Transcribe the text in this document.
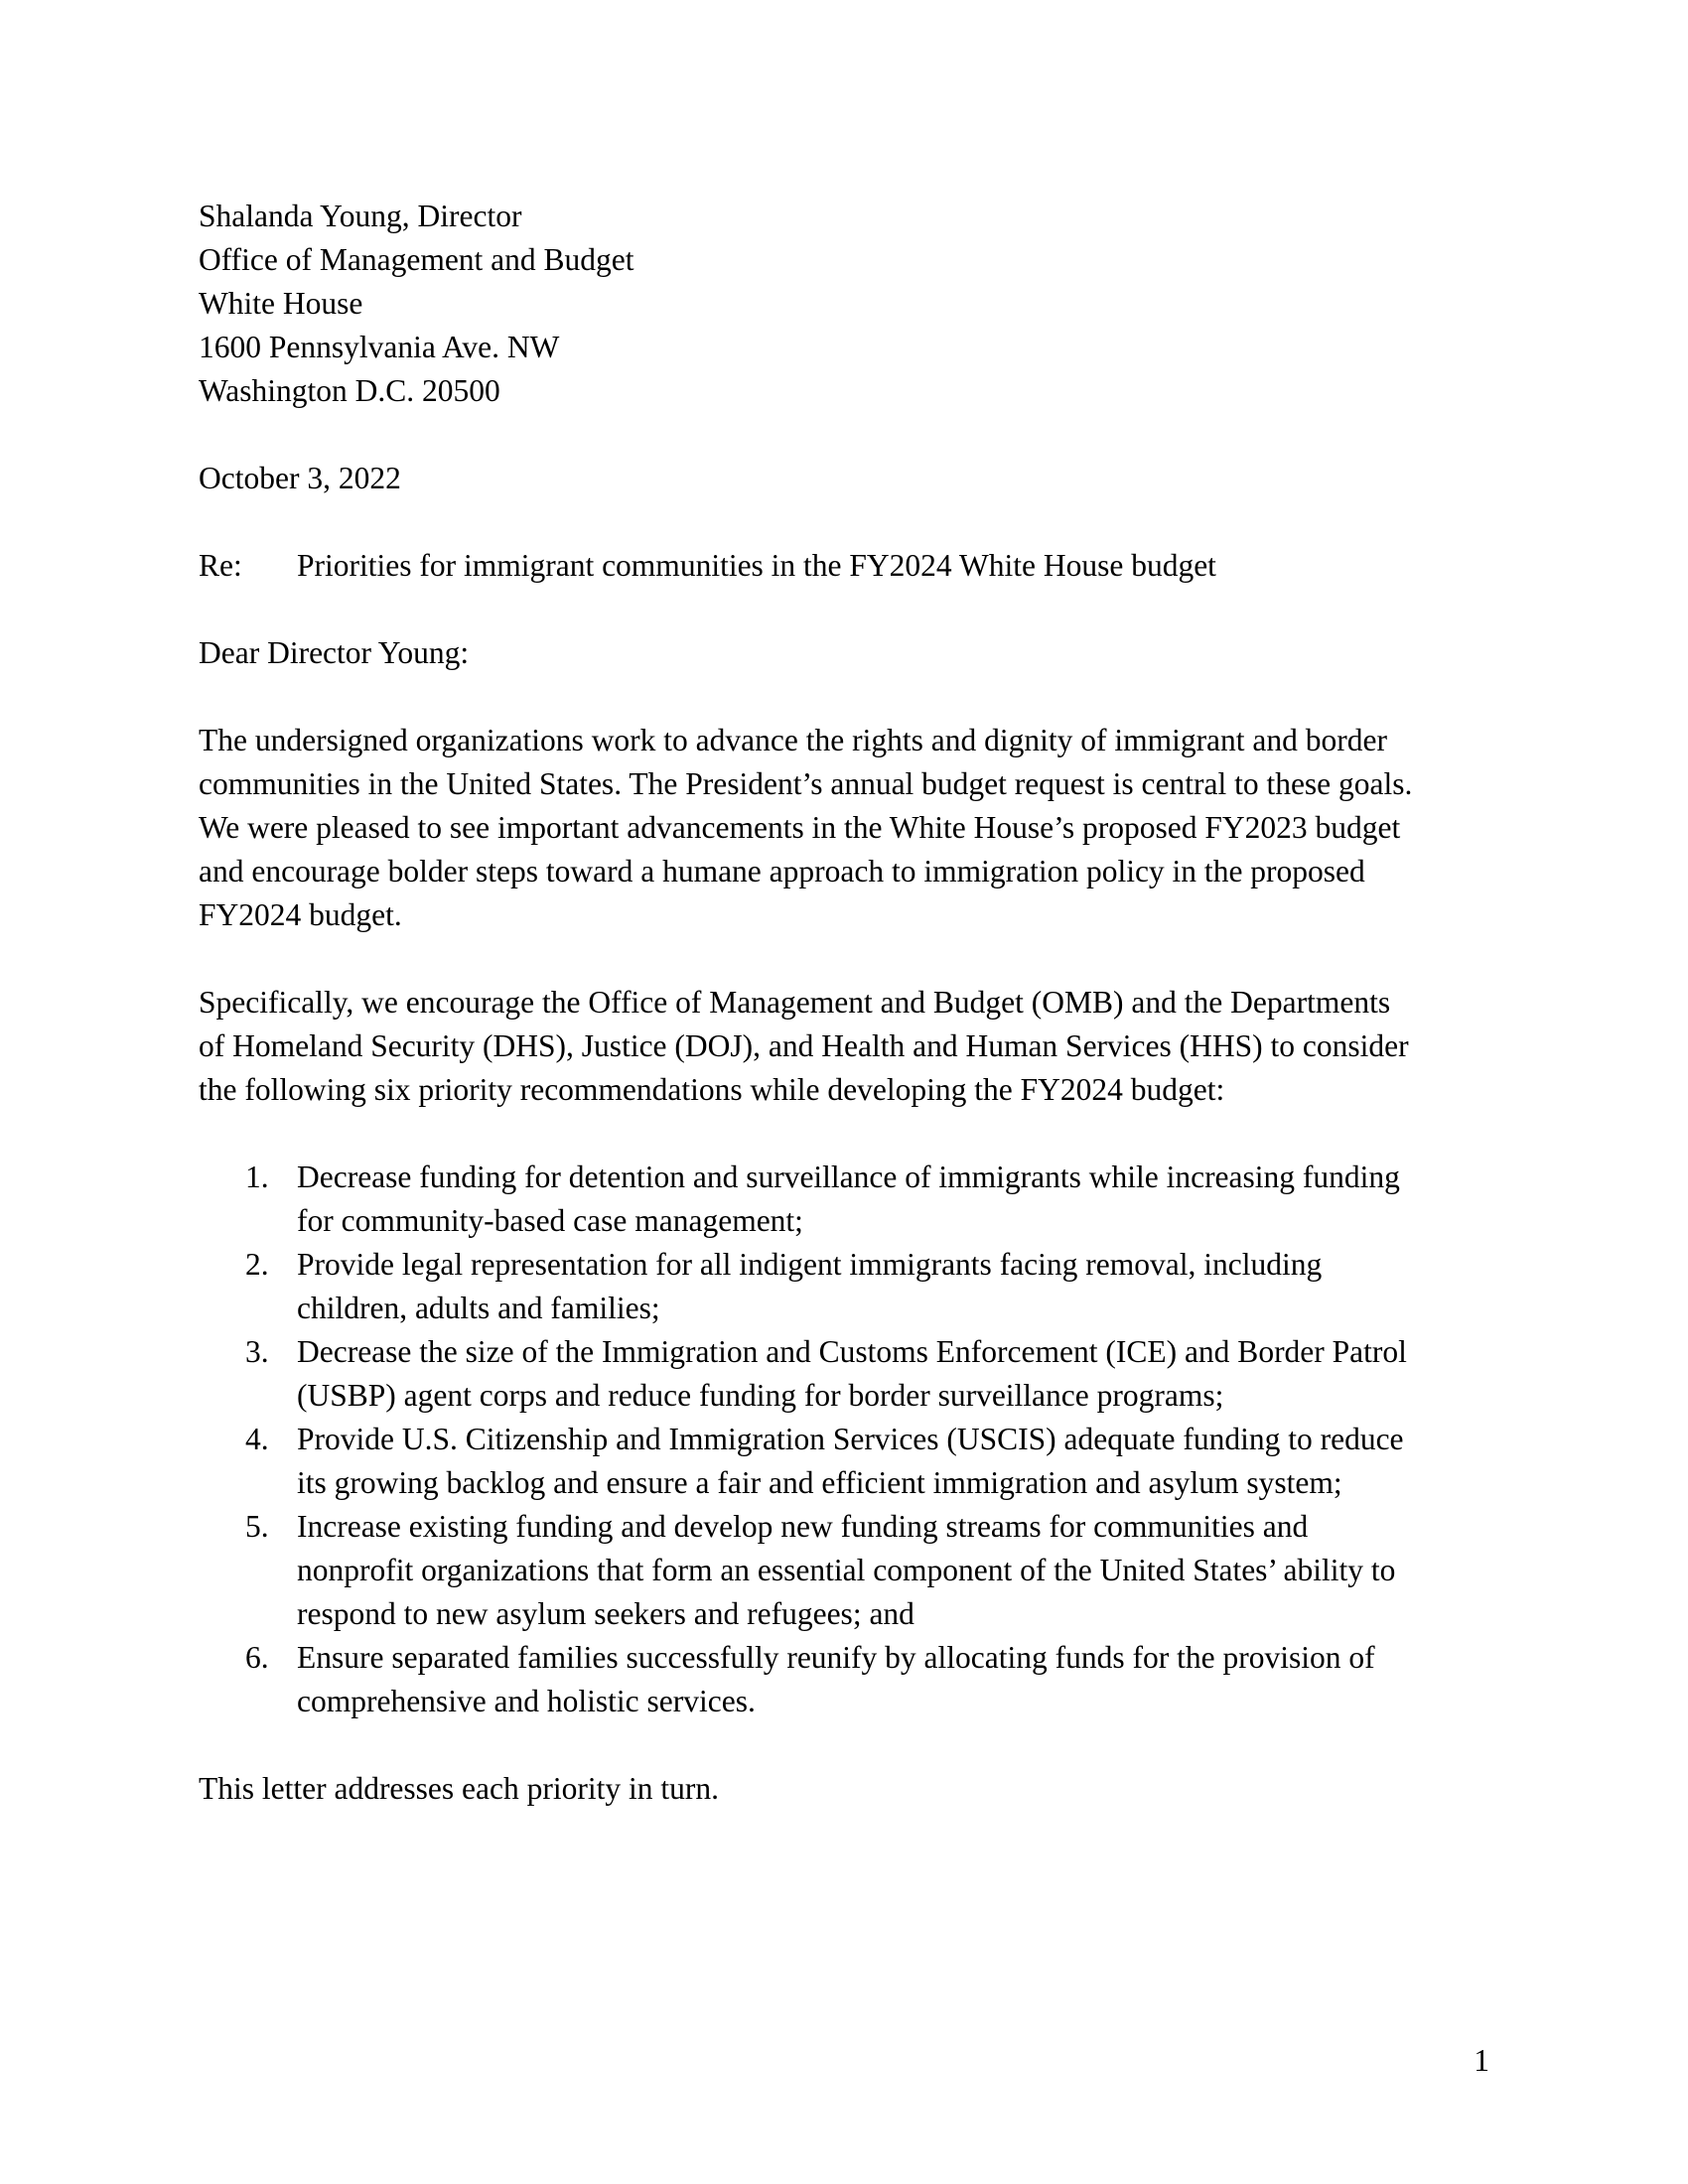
Shalanda Young, Director
Office of Management and Budget
White House
1600 Pennsylvania Ave. NW
Washington D.C. 20500
October 3, 2022
Re: Priorities for immigrant communities in the FY2024 White House budget
Dear Director Young:
The undersigned organizations work to advance the rights and dignity of immigrant and border
communities in the United States. The President’s annual budget request is central to these goals.
We were pleased to see important advancements in the White House’s proposed FY2023 budget
and encourage bolder steps toward a humane approach to immigration policy in the proposed
FY2024 budget.
Specifically, we encourage the Office of Management and Budget (OMB) and the Departments
of Homeland Security (DHS), Justice (DOJ), and Health and Human Services (HHS) to consider
the following six priority recommendations while developing the FY2024 budget:
1. Decrease funding for detention and surveillance of immigrants while increasing funding
for community-based case management;
2. Provide legal representation for all indigent immigrants facing removal, including
children, adults and families;
3. Decrease the size of the Immigration and Customs Enforcement (ICE) and Border Patrol
(USBP) agent corps and reduce funding for border surveillance programs;
4. Provide U.S. Citizenship and Immigration Services (USCIS) adequate funding to reduce
its growing backlog and ensure a fair and efficient immigration and asylum system;
5. Increase existing funding and develop new funding streams for communities and
nonprofit organizations that form an essential component of the United States’ ability to
respond to new asylum seekers and refugees; and
6. Ensure separated families successfully reunify by allocating funds for the provision of
comprehensive and holistic services.
This letter addresses each priority in turn.
1
